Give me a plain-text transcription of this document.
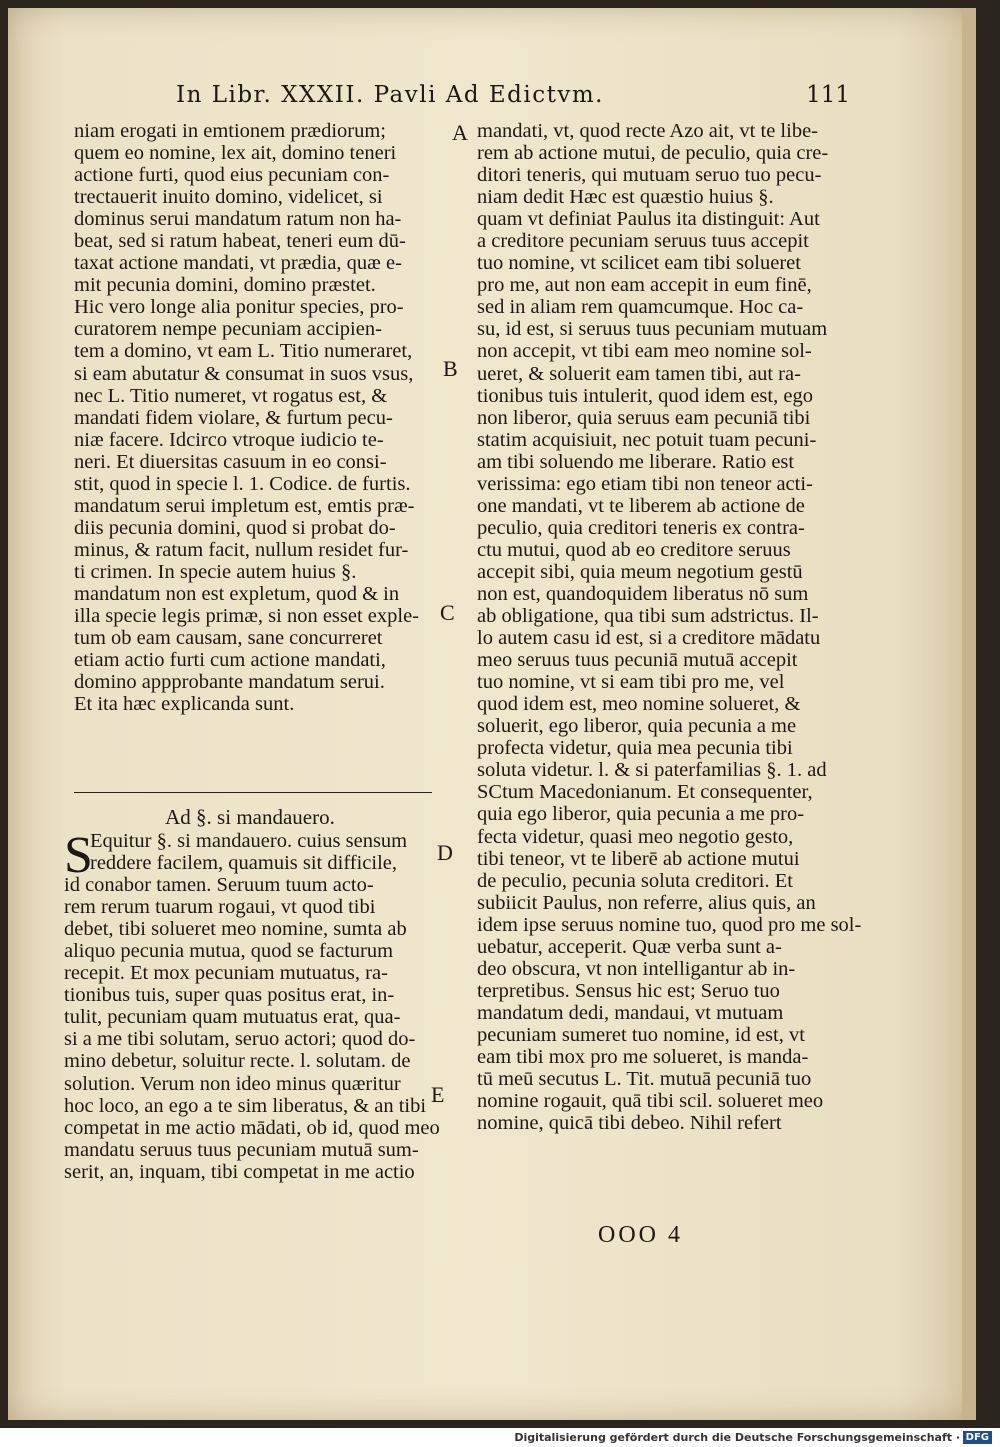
In Libr. XXXII. Pavli Ad Edictvm.	111
niam erogati in emtionem prædiorum;
quem eo nomine, lex ait, domino teneri
actione furti, quod eius pecuniam con-
trectauerit inuito domino, videlicet, si
dominus serui mandatum ratum non ha-
beat, sed si ratum habeat, teneri eum dū-
taxat actione mandati, vt prædia, quæ e-
mit pecunia domini, domino præstet.
Hic vero longe alia ponitur species, pro-
curatorem nempe pecuniam accipien-
tem a domino, vt eam L. Titio numeraret,
si eam abutatur & consumat in suos vsus,
nec L. Titio numeret, vt rogatus est, &
mandati fidem violare, & furtum pecu-
niæ facere. Idcirco vtroque iudicio te-
neri. Et diuersitas casuum in eo consi-
stit, quod in specie l. 1. Codice. de furtis.
mandatum serui impletum est, emtis præ-
diis pecunia domini, quod si probat do-
minus, & ratum facit, nullum residet fur-
ti crimen. In specie autem huius §.
mandatum non est expletum, quod & in
illa specie legis primæ, si non esset exple-
tum ob eam causam, sane concurreret
etiam actio furti cum actione mandati,
domino appprobante mandatum serui.
Et ita hæc explicanda sunt.
Ad §. si mandauero.
S
Equitur §. si mandauero. cuius sensum
reddere facilem, quamuis sit difficile,
id conabor tamen. Seruum tuum acto-
rem rerum tuarum rogaui, vt quod tibi
debet, tibi solueret meo nomine, sumta ab
aliquo pecunia mutua, quod se facturum
recepit. Et mox pecuniam mutuatus, ra-
tionibus tuis, super quas positus erat, in-
tulit, pecuniam quam mutuatus erat, qua-
si a me tibi solutam, seruo actori; quod do-
mino debetur, soluitur recte. l. solutam. de
solution. Verum non ideo minus quæritur
hoc loco, an ego a te sim liberatus, & an tibi
competat in me actio mādati, ob id, quod meo
mandatu seruus tuus pecuniam mutuā sum-
serit, an, inquam, tibi competat in me actio
mandati, vt, quod recte Azo ait, vt te libe-
rem ab actione mutui, de peculio, quia cre-
ditori teneris, qui mutuam seruo tuo pecu-
niam dedit Hæc est quæstio huius §.
quam vt definiat Paulus ita distinguit: Aut
a creditore pecuniam seruus tuus accepit
tuo nomine, vt scilicet eam tibi solueret
pro me, aut non eam accepit in eum finē,
sed in aliam rem quamcumque. Hoc ca-
su, id est, si seruus tuus pecuniam mutuam
non accepit, vt tibi eam meo nomine sol-
ueret, & soluerit eam tamen tibi, aut ra-
tionibus tuis intulerit, quod idem est, ego
non liberor, quia seruus eam pecuniā tibi
statim acquisiuit, nec potuit tuam pecuni-
am tibi soluendo me liberare. Ratio est
verissima: ego etiam tibi non teneor acti-
one mandati, vt te liberem ab actione de
peculio, quia creditori teneris ex contra-
ctu mutui, quod ab eo creditore seruus
accepit sibi, quia meum negotium gestū
non est, quandoquidem liberatus nō sum
ab obligatione, qua tibi sum adstrictus. Il-
lo autem casu id est, si a creditore mādatu
meo seruus tuus pecuniā mutuā accepit
tuo nomine, vt si eam tibi pro me, vel
quod idem est, meo nomine solueret, &
soluerit, ego liberor, quia pecunia a me
profecta videtur, quia mea pecunia tibi
soluta videtur. l. & si paterfamilias §. 1. ad
SCtum Macedonianum. Et consequenter,
quia ego liberor, quia pecunia a me pro-
fecta videtur, quasi meo negotio gesto,
tibi teneor, vt te liberē ab actione mutui
de peculio, pecunia soluta creditori. Et
subiicit Paulus, non referre, alius quis, an
idem ipse seruus nomine tuo, quod pro me sol-
uebatur, acceperit. Quæ verba sunt a-
deo obscura, vt non intelligantur ab in-
terpretibus. Sensus hic est; Seruo tuo
mandatum dedi, mandaui, vt mutuam
pecuniam sumeret tuo nomine, id est, vt
eam tibi mox pro me solueret, is manda-
tū meū secutus L. Tit. mutuā pecuniā tuo
nomine rogauit, quā tibi scil. solueret meo
nomine, quicā tibi debeo. Nihil refert
A
B
C
D
E
OOO 4
Digitalisierung gefördert durch die Deutsche Forschungsgemeinschaft · DFG
